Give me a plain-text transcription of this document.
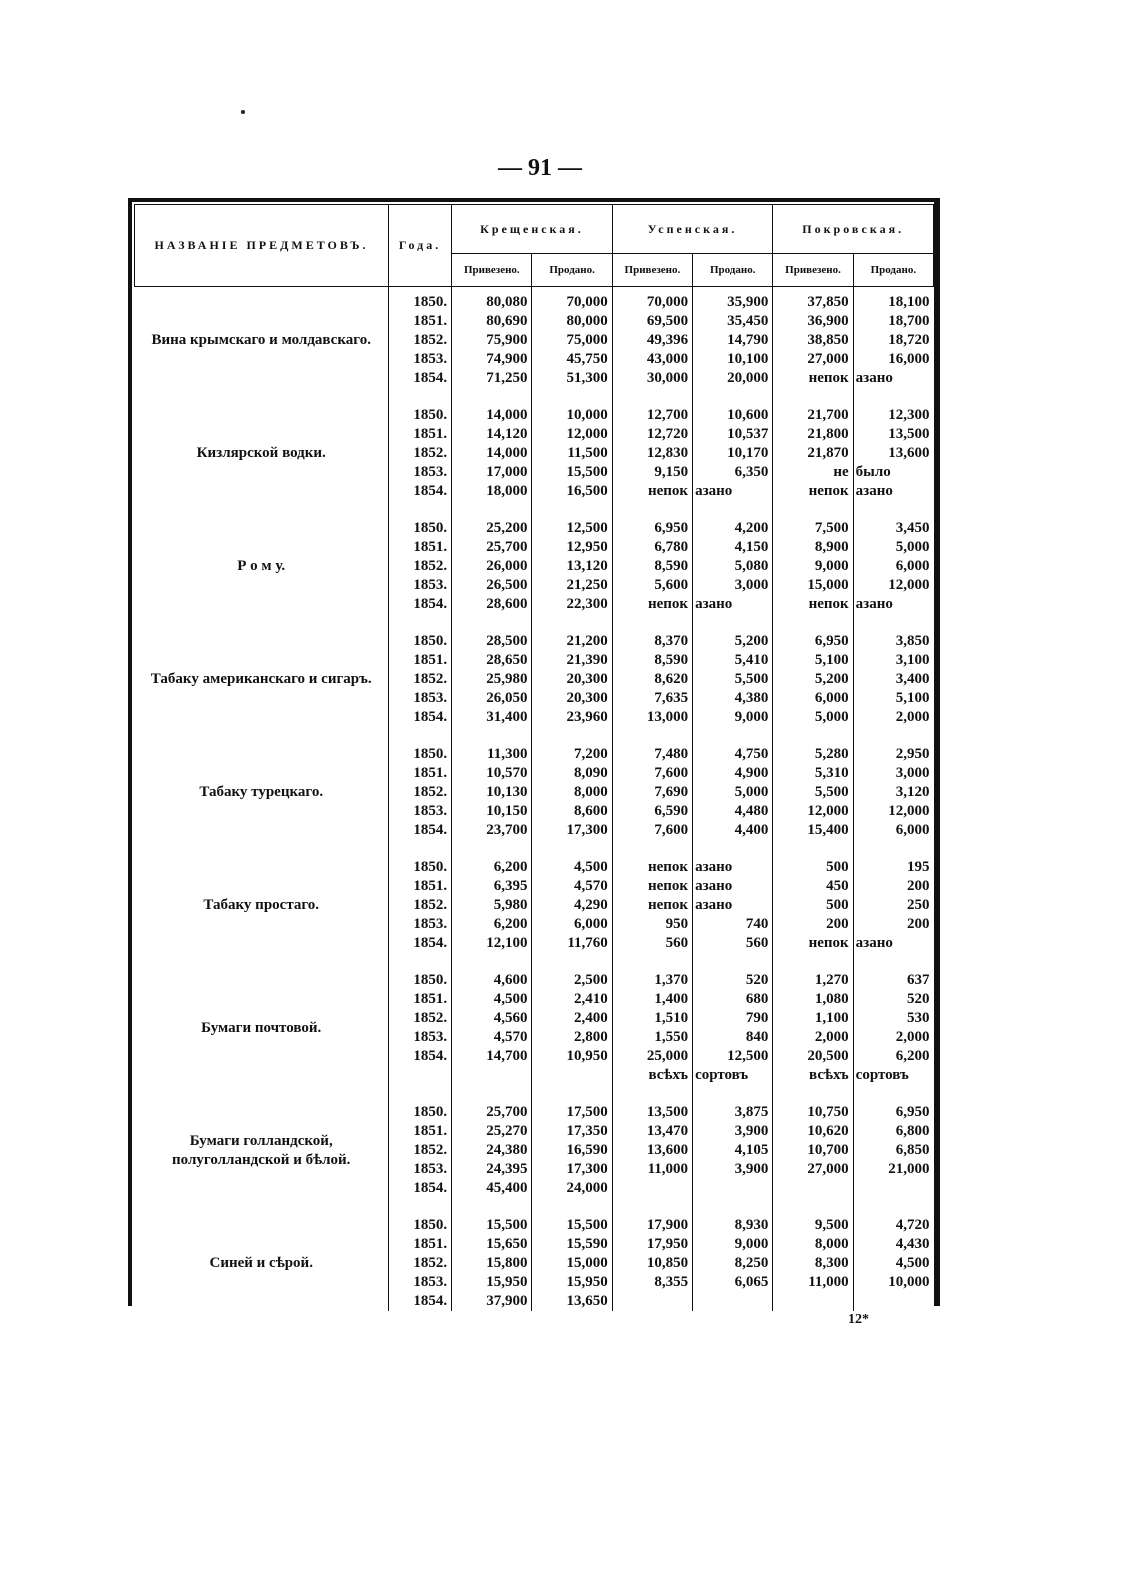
— 91 —
НАЗВАНІЕ ПРЕДМЕТОВЪ.	Года.	Крещенская.		Успенская.		Покровская.	
		Привезено.	Продано.	Привезено.	Продано.	Привезено.	Продано.

Вина крымскаго и молдавскаго.	1850.	80,080	70,000	70,000	35,900	37,850	18,100
	1851.	80,690	80,000	69,500	35,450	36,900	18,700
	1852.	75,900	75,000	49,396	14,790	38,850	18,720
	1853.	74,900	45,750	43,000	10,100	27,000	16,000
	1854.	71,250	51,300	30,000	20,000	непок	азано

Кизлярской водки.	1850.	14,000	10,000	12,700	10,600	21,700	12,300
	1851.	14,120	12,000	12,720	10,537	21,800	13,500
	1852.	14,000	11,500	12,830	10,170	21,870	13,600
	1853.	17,000	15,500	9,150	6,350	не	было
	1854.	18,000	16,500	непок	азано	непок	азано

Р о м у.	1850.	25,200	12,500	6,950	4,200	7,500	3,450
	1851.	25,700	12,950	6,780	4,150	8,900	5,000
	1852.	26,000	13,120	8,590	5,080	9,000	6,000
	1853.	26,500	21,250	5,600	3,000	15,000	12,000
	1854.	28,600	22,300	непок	азано	непок	азано

Табаку американскаго и сигаръ.	1850.	28,500	21,200	8,370	5,200	6,950	3,850
	1851.	28,650	21,390	8,590	5,410	5,100	3,100
	1852.	25,980	20,300	8,620	5,500	5,200	3,400
	1853.	26,050	20,300	7,635	4,380	6,000	5,100
	1854.	31,400	23,960	13,000	9,000	5,000	2,000

Табаку турецкаго.	1850.	11,300	7,200	7,480	4,750	5,280	2,950
	1851.	10,570	8,090	7,600	4,900	5,310	3,000
	1852.	10,130	8,000	7,690	5,000	5,500	3,120
	1853.	10,150	8,600	6,590	4,480	12,000	12,000
	1854.	23,700	17,300	7,600	4,400	15,400	6,000

Табаку простаго.	1850.	6,200	4,500	непок	азано	500	195
	1851.	6,395	4,570	непок	азано	450	200
	1852.	5,980	4,290	непок	азано	500	250
	1853.	6,200	6,000	950	740	200	200
	1854.	12,100	11,760	560	560	непок	азано

Бумаги почтовой.	1850.	4,600	2,500	1,370	520	1,270	637
	1851.	4,500	2,410	1,400	680	1,080	520
	1852.	4,560	2,400	1,510	790	1,100	530
	1853.	4,570	2,800	1,550	840	2,000	2,000
	1854.	14,700	10,950	25,000	12,500	20,500	6,200
				всѣхъ	сортовъ	всѣхъ	сортовъ

Бумаги голландской, полуголландской и бѣлой.	1850.	25,700	17,500	13,500	3,875	10,750	6,950
	1851.	25,270	17,350	13,470	3,900	10,620	6,800
	1852.	24,380	16,590	13,600	4,105	10,700	6,850
	1853.	24,395	17,300	11,000	3,900	27,000	21,000
	1854.	45,400	24,000				

Синей и сѣрой.	1850.	15,500	15,500	17,900	8,930	9,500	4,720
	1851.	15,650	15,590	17,950	9,000	8,000	4,430
	1852.	15,800	15,000	10,850	8,250	8,300	4,500
	1853.	15,950	15,950	8,355	6,065	11,000	10,000
	1854.	37,900	13,650				
12*
